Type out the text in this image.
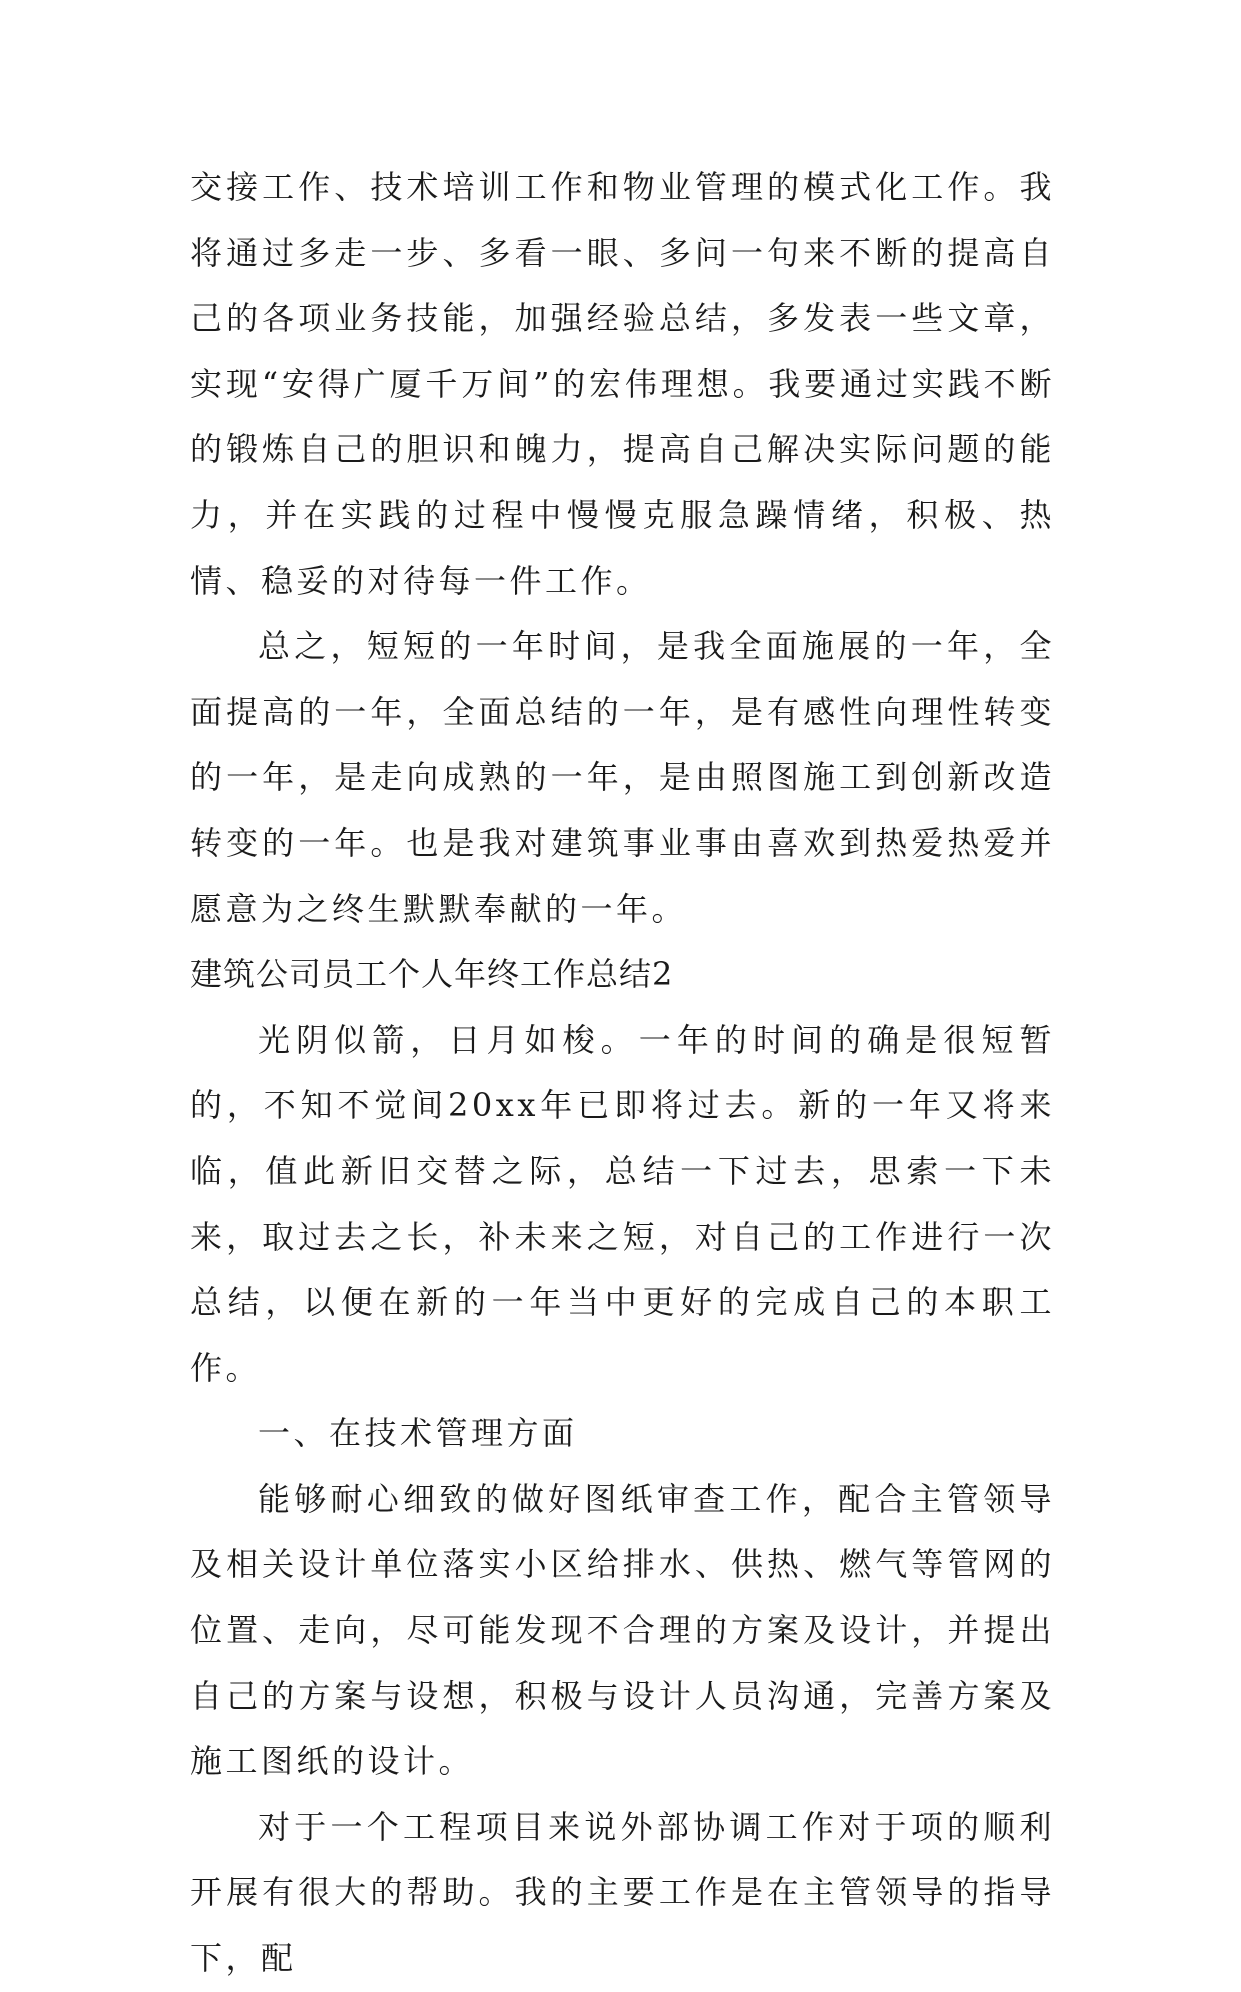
交接工作、技术培训工作和物业管理的模式化工作。我将通过多走一步、多看一眼、多问一句来不断的提高自己的各项业务技能，加强经验总结，多发表一些文章，实现“安得广厦千万间”的宏伟理想。我要通过实践不断的锻炼自己的胆识和魄力，提高自己解决实际问题的能力，并在实践的过程中慢慢克服急躁情绪，积极、热情、稳妥的对待每一件工作。

总之，短短的一年时间，是我全面施展的一年，全面提高的一年，全面总结的一年，是有感性向理性转变的一年，是走向成熟的一年，是由照图施工到创新改造转变的一年。也是我对建筑事业事由喜欢到热爱热爱并愿意为之终生默默奉献的一年。

建筑公司员工个人年终工作总结2

光阴似箭，日月如梭。一年的时间的确是很短暂的，不知不觉间20xx年已即将过去。新的一年又将来临，值此新旧交替之际，总结一下过去，思索一下未来，取过去之长，补未来之短，对自己的工作进行一次总结，以便在新的一年当中更好的完成自己的本职工作。

一、在技术管理方面

能够耐心细致的做好图纸审查工作，配合主管领导及相关设计单位落实小区给排水、供热、燃气等管网的位置、走向，尽可能发现不合理的方案及设计，并提出自己的方案与设想，积极与设计人员沟通，完善方案及施工图纸的设计。

对于一个工程项目来说外部协调工作对于项的顺利开展有很大的帮助。我的主要工作是在主管领导的指导下，配
